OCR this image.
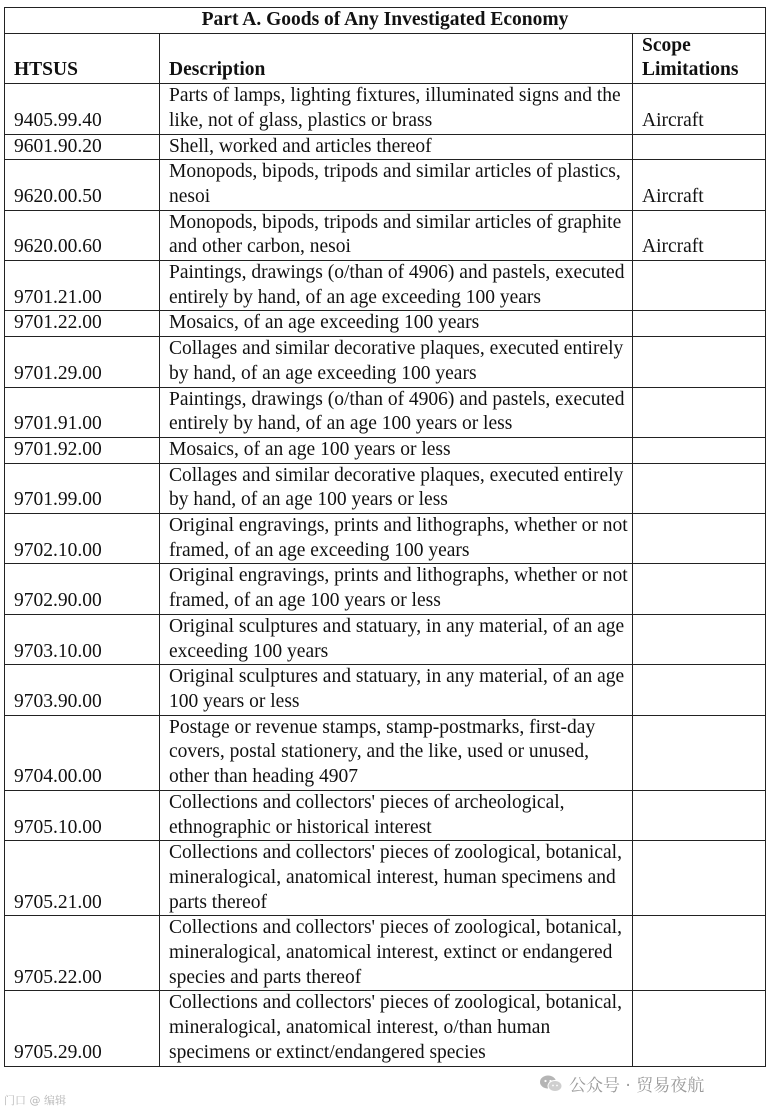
Part A. Goods of Any Investigated Economy		
HTSUS	Description	Scope
Limitations
9405.99.40	Parts of lamps, lighting fixtures, illuminated signs and the like, not of glass, plastics or brass	Aircraft
9601.90.20	Shell, worked and articles thereof	
9620.00.50	Monopods, bipods, tripods and similar articles of plastics, nesoi	Aircraft
9620.00.60	Monopods, bipods, tripods and similar articles of graphite and other carbon, nesoi	Aircraft
9701.21.00	Paintings, drawings (o/than of 4906) and pastels, executed entirely by hand, of an age exceeding 100 years	
9701.22.00	Mosaics, of an age exceeding 100 years	
9701.29.00	Collages and similar decorative plaques, executed entirely by hand, of an age exceeding 100 years	
9701.91.00	Paintings, drawings (o/than of 4906) and pastels, executed entirely by hand, of an age 100 years or less	
9701.92.00	Mosaics, of an age 100 years or less	
9701.99.00	Collages and similar decorative plaques, executed entirely by hand, of an age 100 years or less	
9702.10.00	Original engravings, prints and lithographs, whether or not framed, of an age exceeding 100 years	
9702.90.00	Original engravings, prints and lithographs, whether or not framed, of an age 100 years or less	
9703.10.00	Original sculptures and statuary, in any material, of an age exceeding 100 years	
9703.90.00	Original sculptures and statuary, in any material, of an age 100 years or less	
9704.00.00	Postage or revenue stamps, stamp-postmarks, first-day covers, postal stationery, and the like, used or unused, other than heading 4907	
9705.10.00	Collections and collectors' pieces of archeological, ethnographic or historical interest	
9705.21.00	Collections and collectors' pieces of zoological, botanical, mineralogical, anatomical interest, human specimens and parts thereof	
9705.22.00	Collections and collectors' pieces of zoological, botanical, mineralogical, anatomical interest, extinct or endangered species and parts thereof	
9705.29.00	Collections and collectors' pieces of zoological, botanical, mineralogical, anatomical interest, o/than human specimens or extinct/endangered species	
公众号 · 贸易夜航
门口 @ 编辑
